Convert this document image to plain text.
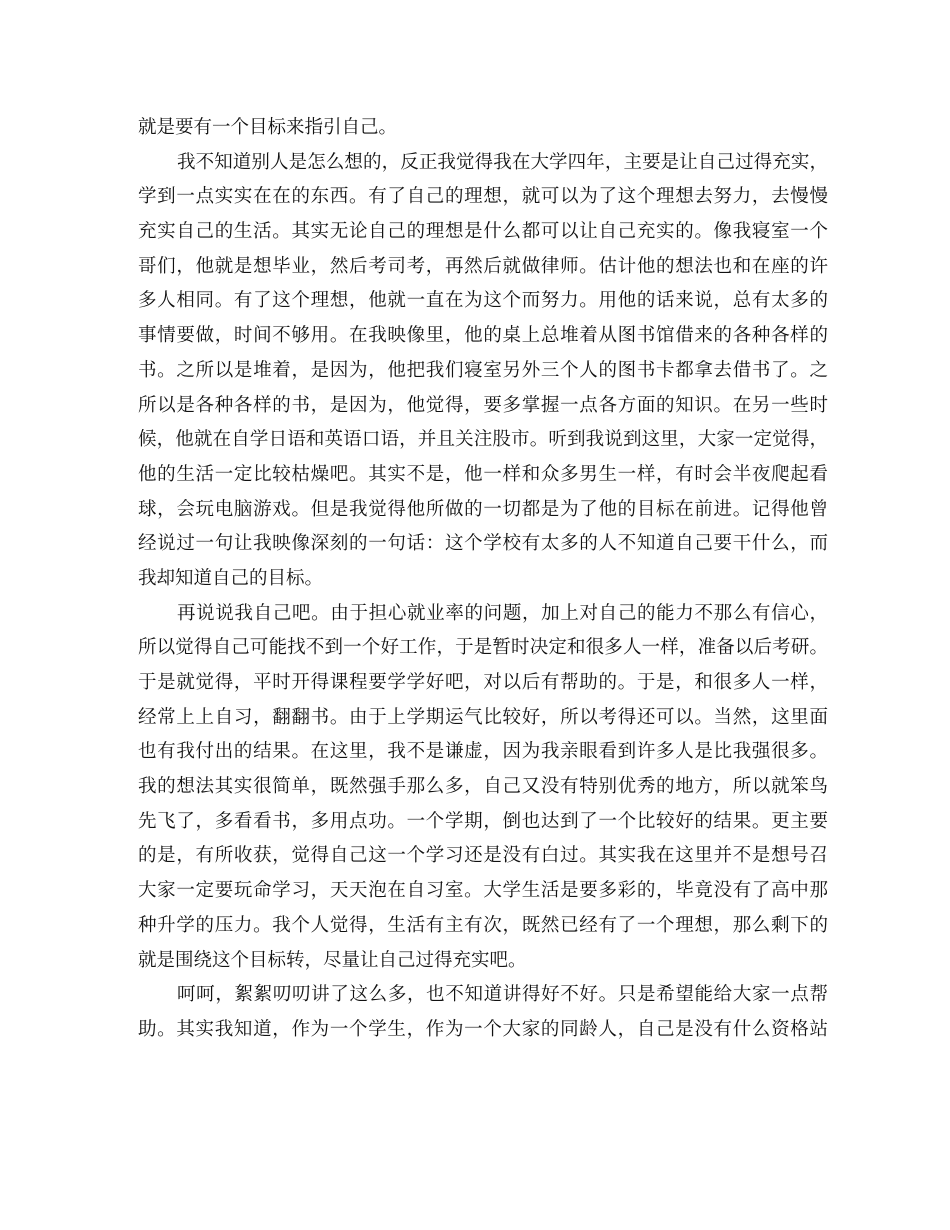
就是要有一个目标来指引自己。
我不知道别人是怎么想的，反正我觉得我在大学四年，主要是让自己过得充实，
学到一点实实在在的东西。有了自己的理想，就可以为了这个理想去努力，去慢慢
充实自己的生活。其实无论自己的理想是什么都可以让自己充实的。像我寝室一个
哥们，他就是想毕业，然后考司考，再然后就做律师。估计他的想法也和在座的许
多人相同。有了这个理想，他就一直在为这个而努力。用他的话来说，总有太多的
事情要做，时间不够用。在我映像里，他的桌上总堆着从图书馆借来的各种各样的
书。之所以是堆着，是因为，他把我们寝室另外三个人的图书卡都拿去借书了。之
所以是各种各样的书，是因为，他觉得，要多掌握一点各方面的知识。在另一些时
候，他就在自学日语和英语口语，并且关注股市。听到我说到这里，大家一定觉得，
他的生活一定比较枯燥吧。其实不是，他一样和众多男生一样，有时会半夜爬起看
球，会玩电脑游戏。但是我觉得他所做的一切都是为了他的目标在前进。记得他曾
经说过一句让我映像深刻的一句话：这个学校有太多的人不知道自己要干什么，而
我却知道自己的目标。
再说说我自己吧。由于担心就业率的问题，加上对自己的能力不那么有信心，
所以觉得自己可能找不到一个好工作，于是暂时决定和很多人一样，准备以后考研。
于是就觉得，平时开得课程要学学好吧，对以后有帮助的。于是，和很多人一样，
经常上上自习，翻翻书。由于上学期运气比较好，所以考得还可以。当然，这里面
也有我付出的结果。在这里，我不是谦虚，因为我亲眼看到许多人是比我强很多。
我的想法其实很简单，既然强手那么多，自己又没有特别优秀的地方，所以就笨鸟
先飞了，多看看书，多用点功。一个学期，倒也达到了一个比较好的结果。更主要
的是，有所收获，觉得自己这一个学习还是没有白过。其实我在这里并不是想号召
大家一定要玩命学习，天天泡在自习室。大学生活是要多彩的，毕竟没有了高中那
种升学的压力。我个人觉得，生活有主有次，既然已经有了一个理想，那么剩下的
就是围绕这个目标转，尽量让自己过得充实吧。
呵呵，絮絮叨叨讲了这么多，也不知道讲得好不好。只是希望能给大家一点帮
助。其实我知道，作为一个学生，作为一个大家的同龄人，自己是没有什么资格站
